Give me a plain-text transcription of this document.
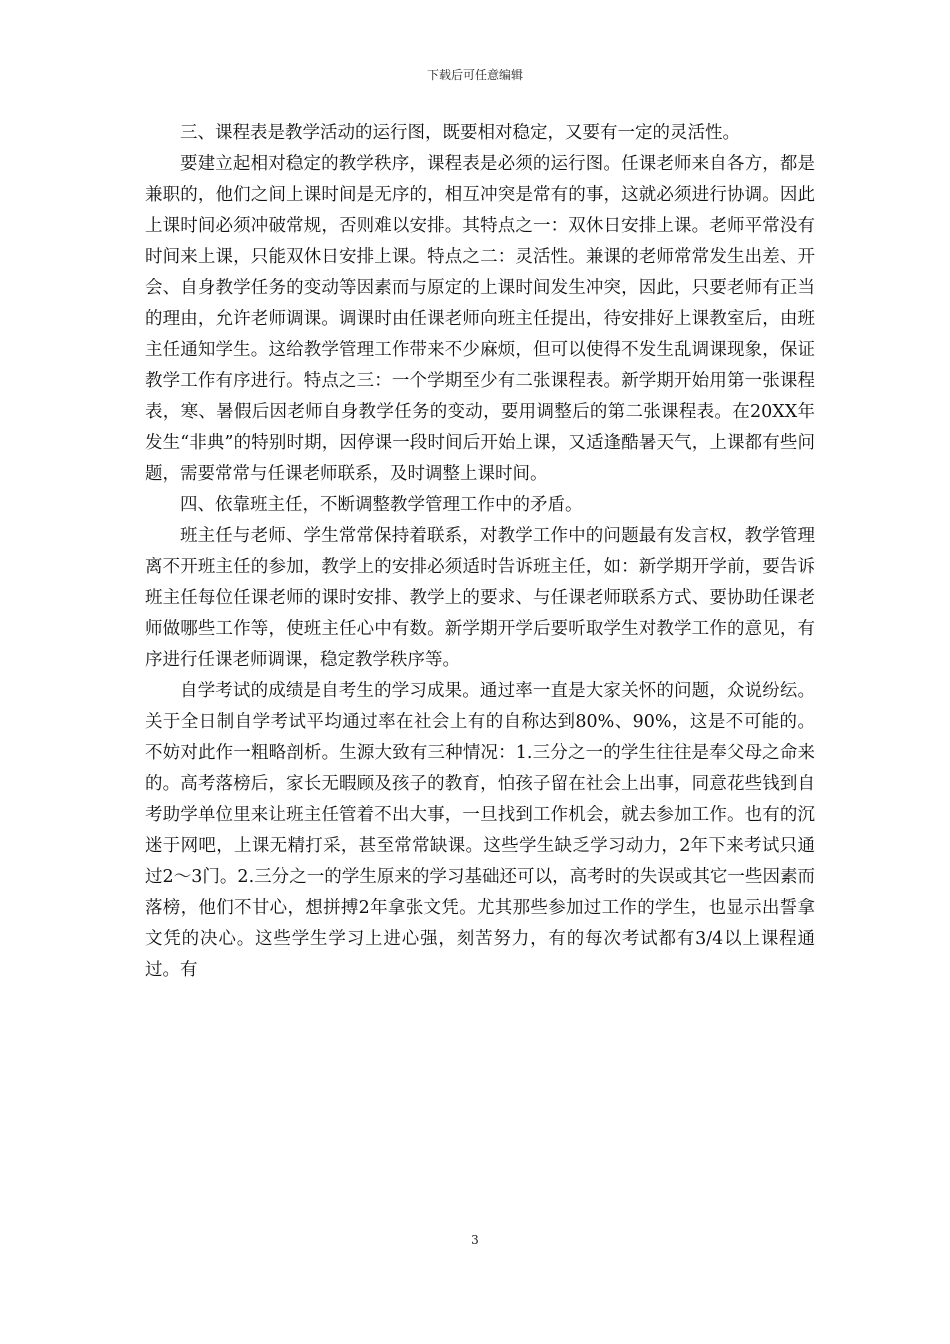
下载后可任意编辑

三、课程表是教学活动的运行图，既要相对稳定，又要有一定的灵活性。

要建立起相对稳定的教学秩序，课程表是必须的运行图。任课老师来自各方，都是兼职的，他们之间上课时间是无序的，相互冲突是常有的事，这就必须进行协调。因此上课时间必须冲破常规，否则难以安排。其特点之一：双休日安排上课。老师平常没有时间来上课，只能双休日安排上课。特点之二：灵活性。兼课的老师常常发生出差、开会、自身教学任务的变动等因素而与原定的上课时间发生冲突，因此，只要老师有正当的理由，允许老师调课。调课时由任课老师向班主任提出，待安排好上课教室后，由班主任通知学生。这给教学管理工作带来不少麻烦，但可以使得不发生乱调课现象，保证教学工作有序进行。特点之三：一个学期至少有二张课程表。新学期开始用第一张课程表，寒、暑假后因老师自身教学任务的变动，要用调整后的第二张课程表。在20XX年发生“非典”的特别时期，因停课一段时间后开始上课，又适逢酷暑天气，上课都有些问题，需要常常与任课老师联系，及时调整上课时间。

四、依靠班主任，不断调整教学管理工作中的矛盾。

班主任与老师、学生常常保持着联系，对教学工作中的问题最有发言权，教学管理离不开班主任的参加，教学上的安排必须适时告诉班主任，如：新学期开学前，要告诉班主任每位任课老师的课时安排、教学上的要求、与任课老师联系方式、要协助任课老师做哪些工作等，使班主任心中有数。新学期开学后要听取学生对教学工作的意见，有序进行任课老师调课，稳定教学秩序等。

自学考试的成绩是自考生的学习成果。通过率一直是大家关怀的问题，众说纷纭。关于全日制自学考试平均通过率在社会上有的自称达到80%、90%，这是不可能的。不妨对此作一粗略剖析。生源大致有三种情况：1.三分之一的学生往往是奉父母之命来的。高考落榜后，家长无暇顾及孩子的教育，怕孩子留在社会上出事，同意花些钱到自考助学单位里来让班主任管着不出大事，一旦找到工作机会，就去参加工作。也有的沉迷于网吧，上课无精打采，甚至常常缺课。这些学生缺乏学习动力，2年下来考试只通过2～3门。2.三分之一的学生原来的学习基础还可以，高考时的失误或其它一些因素而落榜，他们不甘心，想拼搏2年拿张文凭。尤其那些参加过工作的学生，也显示出誓拿文凭的决心。这些学生学习上进心强，刻苦努力，有的每次考试都有3/4以上课程通过。有

3
